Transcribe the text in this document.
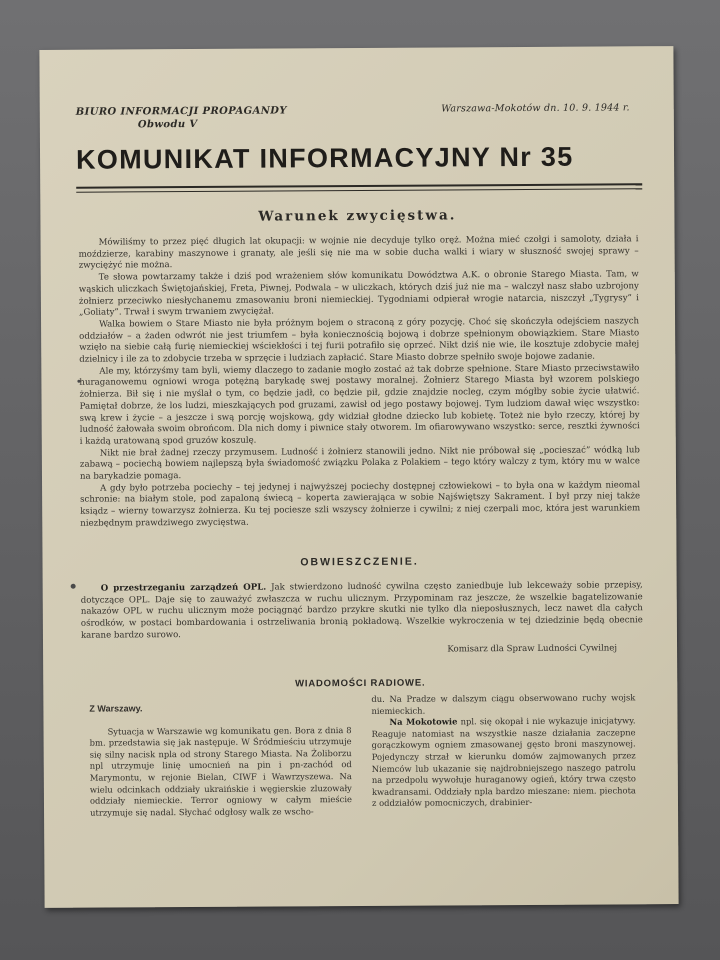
BIURO INFORMACJI PROPAGANDY
Obwodu V
Warszawa-Mokotów dn. 10. 9. 1944 r.
KOMUNIKAT INFORMACYJNY Nr 35
Warunek zwycięstwa.

Mówiliśmy to przez pięć długich lat okupacji: w wojnie nie decyduje tylko oręż. Można mieć czołgi i samoloty, działa i moździerze, karabiny maszynowe i granaty, ale jeśli się nie ma w sobie ducha walki i wiary w słuszność swojej sprawy – zwyciężyć nie można.

Te słowa powtarzamy także i dziś pod wrażeniem słów komunikatu Dowództwa A.K. o obronie Starego Miasta. Tam, w wąskich uliczkach Świętojańskiej, Freta, Piwnej, Podwala – w uliczkach, których dziś już nie ma – walczył nasz słabo uzbrojony żołnierz przeciwko niesłychanemu zmasowaniu broni niemieckiej. Tygodniami odpierał wrogie natarcia, niszczył „Tygrysy” i „Goliaty”. Trwał i swym trwaniem zwyciężał.

Walka bowiem o Stare Miasto nie była próżnym bojem o straconą z góry pozycję. Choć się skończyła odejściem naszych oddziałów – a żaden odwrót nie jest triumfem – była koniecznością bojową i dobrze spełnionym obowiązkiem. Stare Miasto wzięło na siebie całą furię niemieckiej wściekłości i tej furii potrafiło się oprzeć. Nikt dziś nie wie, ile kosztuje zdobycie małej dzielnicy i ile za to zdobycie trzeba w sprzęcie i ludziach zapłacić. Stare Miasto dobrze spełniło swoje bojowe zadanie.

Ale my, którzyśmy tam byli, wiemy dlaczego to zadanie mogło zostać aż tak dobrze spełnione. Stare Miasto przeciwstawiło huraganowemu ogniowi wroga potężną barykadę swej postawy moralnej. Żołnierz Starego Miasta był wzorem polskiego żołnierza. Bił się i nie myślał o tym, co będzie jadł, co będzie pił, gdzie znajdzie nocleg, czym mógłby sobie życie ułatwić. Pamiętał dobrze, że los ludzi, mieszkających pod gruzami, zawisł od jego postawy bojowej. Tym ludziom dawał więc wszystko: swą krew i życie – a jeszcze i swą porcję wojskową, gdy widział głodne dziecko lub kobietę. Toteż nie było rzeczy, której by ludność żałowała swoim obrońcom. Dla nich domy i piwnice stały otworem. Im ofiarowywano wszystko: serce, resztki żywności i każdą uratowaną spod gruzów koszulę.

Nikt nie brał żadnej rzeczy przymusem. Ludność i żołnierz stanowili jedno. Nikt nie próbował się „pocieszać” wódką lub zabawą – pociechą bowiem najlepszą była świadomość związku Polaka z Polakiem – tego który walczy z tym, który mu w walce na barykadzie pomaga.

A gdy było potrzeba pociechy – tej jedynej i najwyższej pociechy dostępnej człowiekowi – to była ona w każdym nieomal schronie: na białym stole, pod zapaloną świecą – koperta zawierająca w sobie Najświętszy Sakrament. I był przy niej także ksiądz – wierny towarzysz żołnierza. Ku tej pociesze szli wszyscy żołnierze i cywilni; z niej czerpali moc, która jest warunkiem niezbędnym prawdziwego zwycięstwa.

OBWIESZCZENIE.

O przestrzeganiu zarządzeń OPL. Jak stwierdzono ludność cywilna często zaniedbuje lub lekceważy sobie przepisy, dotyczące OPL. Daje się to zauważyć zwłaszcza w ruchu ulicznym. Przypominam raz jeszcze, że wszelkie bagatelizowanie nakazów OPL w ruchu ulicznym może pociągnąć bardzo przykre skutki nie tylko dla nieposłusznych, lecz nawet dla całych ośrodków, w postaci bombardowania i ostrzeliwania bronią pokładową. Wszelkie wykroczenia w tej dziedzinie będą obecnie karane bardzo surowo.

Komisarz dla Spraw Ludności Cywilnej
WIADOMOŚCI RADIOWE.
Z Warszawy.

Sytuacja w Warszawie wg komunikatu gen. Bora z dnia 8 bm. przedstawia się jak następuje. W Śródmieściu utrzymuje się silny nacisk npla od strony Starego Miasta. Na Żoliborzu npl utrzymuje linię umocnień na pin i pn-zachód od Marymontu, w rejonie Bielan, CIWF i Wawrzyszewa. Na wielu odcinkach oddziały ukraińskie i węgierskie zluzowały oddziały niemieckie. Terror ogniowy w całym mieście utrzymuje się nadal. Słychać odgłosy walk ze wscho-

du. Na Pradze w dalszym ciągu obserwowano ruchy wojsk niemieckich.

Na Mokotowie npl. się okopał i nie wykazuje inicjatywy. Reaguje natomiast na wszystkie nasze działania zaczepne gorączkowym ogniem zmasowanej gęsto broni maszynowej. Pojedynczy strzał w kierunku domów zajmowanych przez Niemców lub ukazanie się najdrobniejszego naszego patrolu na przedpolu wywołuje huraganowy ogień, który trwa często kwadransami. Oddziały npla bardzo mieszane: niem. piechota z oddziałów pomocniczych, drabinier-
